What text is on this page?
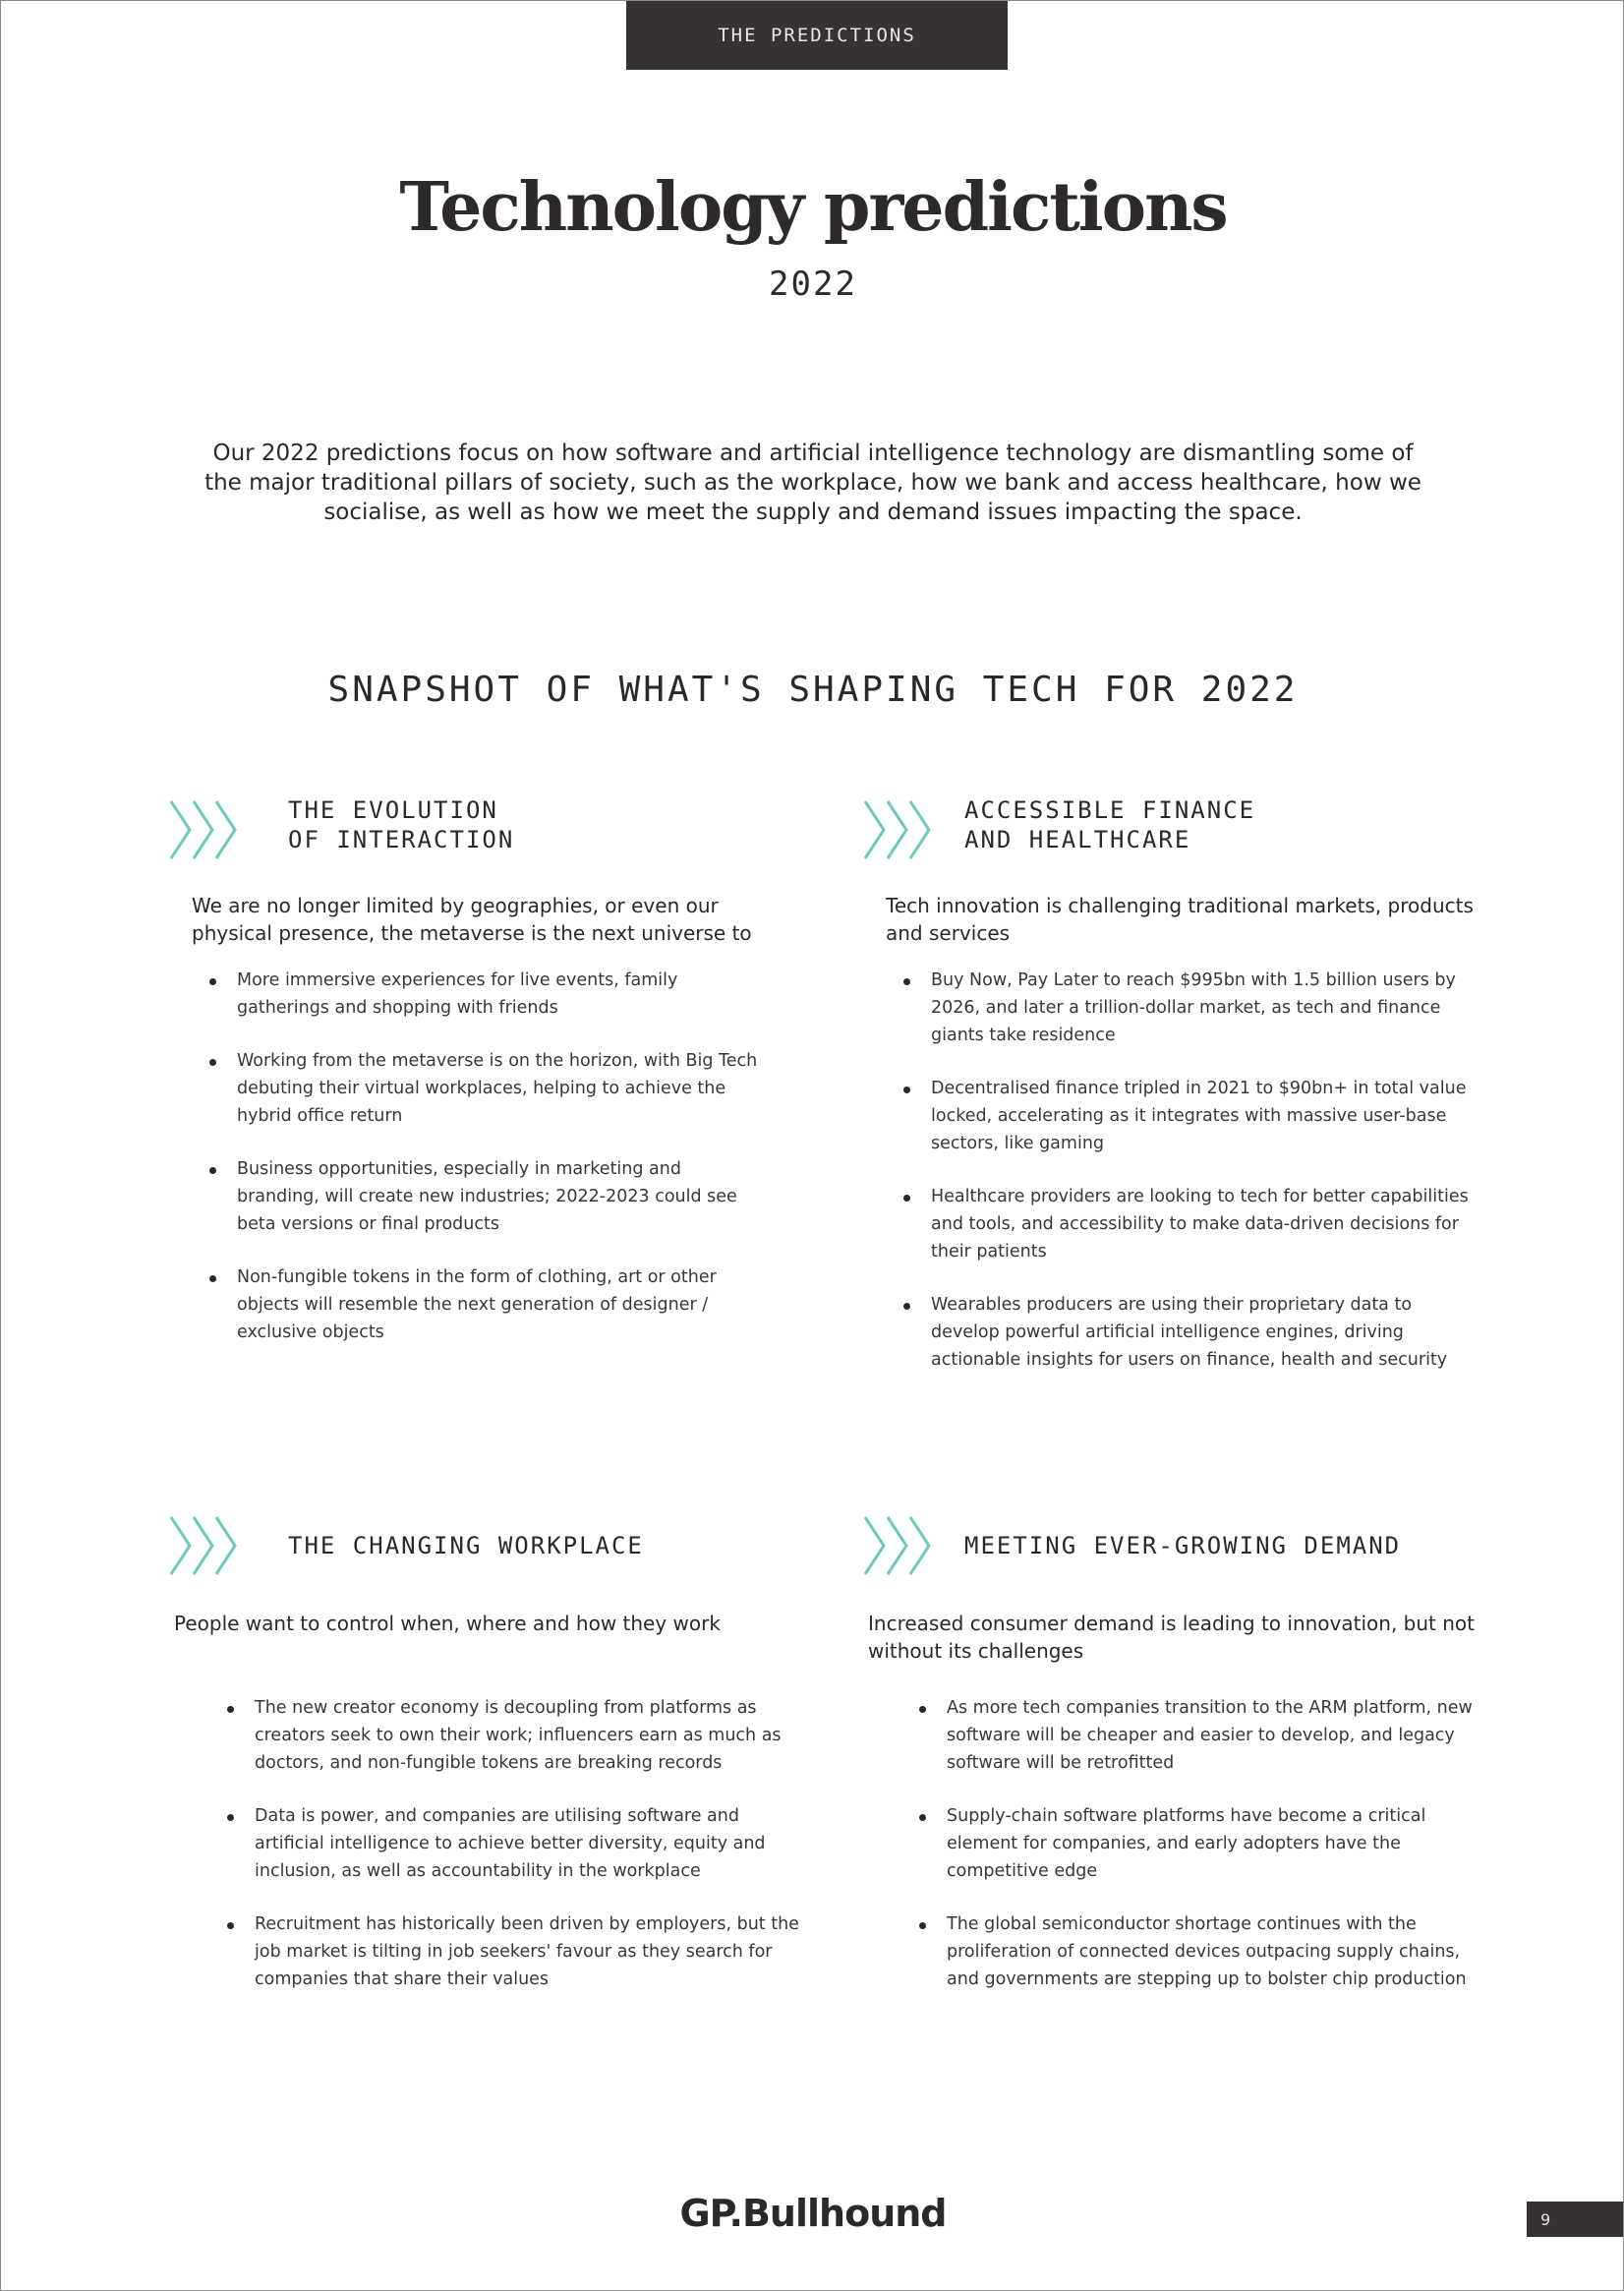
THE PREDICTIONS
Technology predictions
2022
Our 2022 predictions focus on how software and artificial intelligence technology are dismantling some of the major traditional pillars of society, such as the workplace, how we bank and access healthcare, how we socialise, as well as how we meet the supply and demand issues impacting the space.
SNAPSHOT OF WHAT'S SHAPING TECH FOR 2022
THE EVOLUTION
OF INTERACTION
We are no longer limited by geographies, or even our physical presence, the metaverse is the next universe to
More immersive experiences for live events, family gatherings and shopping with friends
Working from the metaverse is on the horizon, with Big Tech debuting their virtual workplaces, helping to achieve the hybrid office return
Business opportunities, especially in marketing and branding, will create new industries; 2022-2023 could see beta versions or final products
Non-fungible tokens in the form of clothing, art or other objects will resemble the next generation of designer / exclusive objects
ACCESSIBLE FINANCE
AND HEALTHCARE
Tech innovation is challenging traditional markets, products and services
Buy Now, Pay Later to reach $995bn with 1.5 billion users by 2026, and later a trillion-dollar market, as tech and finance giants take residence
Decentralised finance tripled in 2021 to $90bn+ in total value locked, accelerating as it integrates with massive user-base sectors, like gaming
Healthcare providers are looking to tech for better capabilities and tools, and accessibility to make data-driven decisions for their patients
Wearables producers are using their proprietary data to develop powerful artificial intelligence engines, driving actionable insights for users on finance, health and security
THE CHANGING WORKPLACE
People want to control when, where and how they work
The new creator economy is decoupling from platforms as creators seek to own their work; influencers earn as much as doctors, and non-fungible tokens are breaking records
Data is power, and companies are utilising software and artificial intelligence to achieve better diversity, equity and inclusion, as well as accountability in the workplace
Recruitment has historically been driven by employers, but the job market is tilting in job seekers' favour as they search for companies that share their values
MEETING EVER-GROWING DEMAND
Increased consumer demand is leading to innovation, but not without its challenges
As more tech companies transition to the ARM platform, new software will be cheaper and easier to develop, and legacy software will be retrofitted
Supply-chain software platforms have become a critical element for companies, and early adopters have the competitive edge
The global semiconductor shortage continues with the proliferation of connected devices outpacing supply chains, and governments are stepping up to bolster chip production
GP.Bullhound	9
